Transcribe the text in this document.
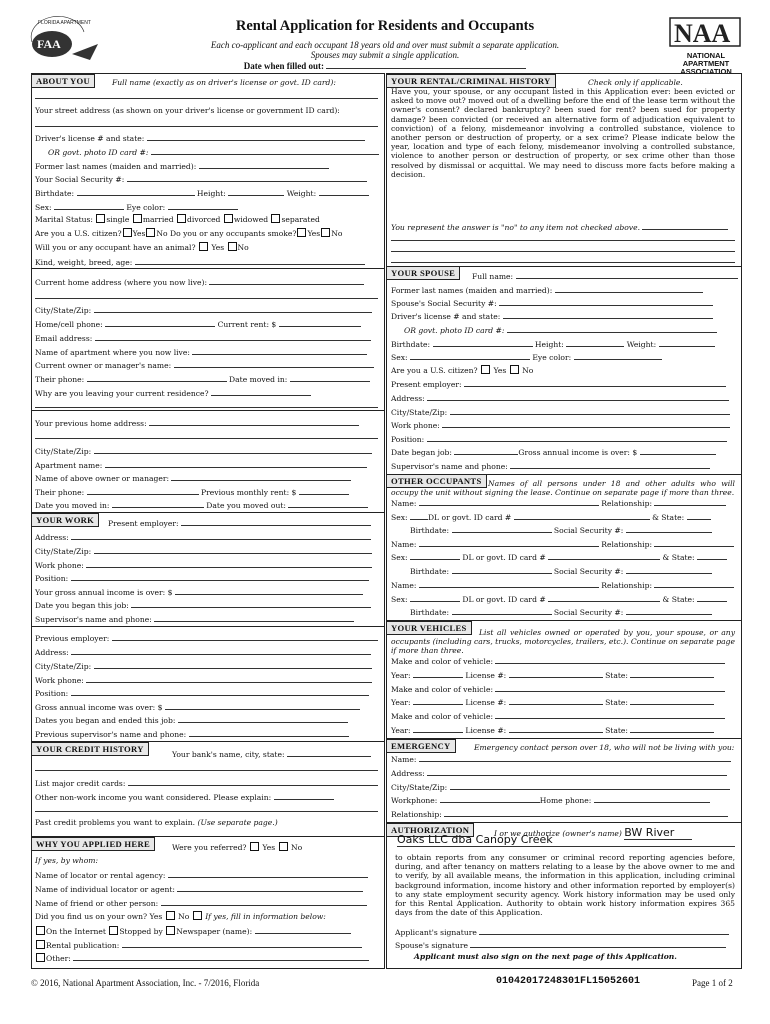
FLORIDA APARTMENT
FAA	NAA
NATIONAL
APARTMENT
ASSOCIATION
Rental Application for Residents and Occupants
Each co-applicant and each occupant 18 years old and over must submit a separate application.
Spouses may submit a single application.
Date when filled out:
ABOUT YOU	Full name (exactly as on driver's license or govt. ID card):
Your street address (as shown on your driver's license or government ID card):
Driver's license # and state:
OR govt. photo ID card #:
Former last names (maiden and married):
Your Social Security #:
Birthdate:	Height:	Weight:
Sex:	Eye color:
Marital Status: single married divorced widowed separated
Are you a U.S. citizen? Yes No Do you or any occupants smoke? Yes No
Will you or any occupant have an animal? Yes No
Kind, weight, breed, age:
Current home address (where you now live):
City/State/Zip:
Home/cell phone:	Current rent: $
Email address:
Name of apartment where you now live:
Current owner or manager's name:
Their phone:	Date moved in:
Why are you leaving your current residence?
Your previous home address:
City/State/Zip:
Apartment name:
Name of above owner or manager:
Their phone:	Previous monthly rent: $
Date you moved in:	Date you moved out:
YOUR WORK	Present employer:
Address:
City/State/Zip:
Work phone:
Position:
Your gross annual income is over: $
Date you began this job:
Supervisor's name and phone:
Previous employer:
Address:
City/State/Zip:
Work phone:
Position:
Gross annual income was over: $
Dates you began and ended this job:
Previous supervisor's name and phone:
YOUR CREDIT HISTORY
Your bank's name, city, state:
List major credit cards:
Other non-work income you want considered. Please explain:
Past credit problems you want to explain. (Use separate page.)
WHY YOU APPLIED HERE	Were you referred? Yes No
If yes, by whom:
Name of locator or rental agency:
Name of individual locator or agent:
Name of friend or other person:
Did you find us on your own? Yes No If yes, fill in information below:
On the Internet Stopped by Newspaper (name):
Rental publication:
Other:
YOUR RENTAL/CRIMINAL HISTORY	Check only if applicable.
Have you, your spouse, or any occupant listed in this Application ever: been evicted or asked to move out? moved out of a dwelling before the end of the lease term without the owner's consent? declared bankruptcy? been sued for rent? been sued for property damage? been convicted (or received an alternative form of adjudication equivalent to conviction) of a felony, misdemeanor involving a controlled substance, violence to another person or destruction of property, or a sex crime? Please indicate below the year, location and type of each felony, misdemeanor involving a controlled substance, violence to another person or destruction of property, or sex crime other than those resolved by dismissal or acquittal. We may need to discuss more facts before making a decision.
You represent the answer is "no" to any item not checked above.
YOUR SPOUSE	Full name:
Former last names (maiden and married):
Spouse's Social Security #:
Driver's license # and state:
OR govt. photo ID card #:
Birthdate:	Height:	Weight:
Sex:	Eye color:
Are you a U.S. citizen? Yes No
Present employer:
Address:
City/State/Zip:
Work phone:
Position:
Date began job:	Gross annual income is over: $
Supervisor's name and phone:
OTHER OCCUPANTS Names of all persons under 18 and other adults who will occupy the unit without signing the lease. Continue on separate page if more than three.
Name:	Relationship:
Sex:	DL or govt. ID card #	& State:
Birthdate:	Social Security #:
Name:	Relationship:
Sex:	DL or govt. ID card #	& State:
Birthdate:	Social Security #:
Name:	Relationship:
Sex:	DL or govt. ID card #	& State:
Birthdate:	Social Security #:
YOUR VEHICLES	List all vehicles owned or operated by you, your spouse, or any occupants (including cars, trucks, motorcycles, trailers, etc.). Continue on separate page if more than three.
Make and color of vehicle:
Year:	License #:	State:
Make and color of vehicle:
Year:	License #:	State:
Make and color of vehicle:
Year:	License #:	State:
EMERGENCY	Emergency contact person over 18, who will not be living with you:
Name:
Address:
City/State/Zip:
Workphone:	Home phone:
Relationship:
AUTHORIZATION	I or we authorize (owner's name) BW River
Oaks LLC dba Canopy Creek
to obtain reports from any consumer or criminal record reporting agencies before, during, and after tenancy on matters relating to a lease by the above owner to me and to verify, by all available means, the information in this application, including criminal background information, income history and other information reported by employer(s) to any state employment security agency. Work history information may be used only for this Rental Application. Authority to obtain work history information expires 365 days from the date of this Application.
Applicant's signature
Spouse's signature
Applicant must also sign on the next page of this Application.
© 2016, National Apartment Association, Inc. - 7/2016, Florida	01042017248301FL15052601	Page 1 of 2
